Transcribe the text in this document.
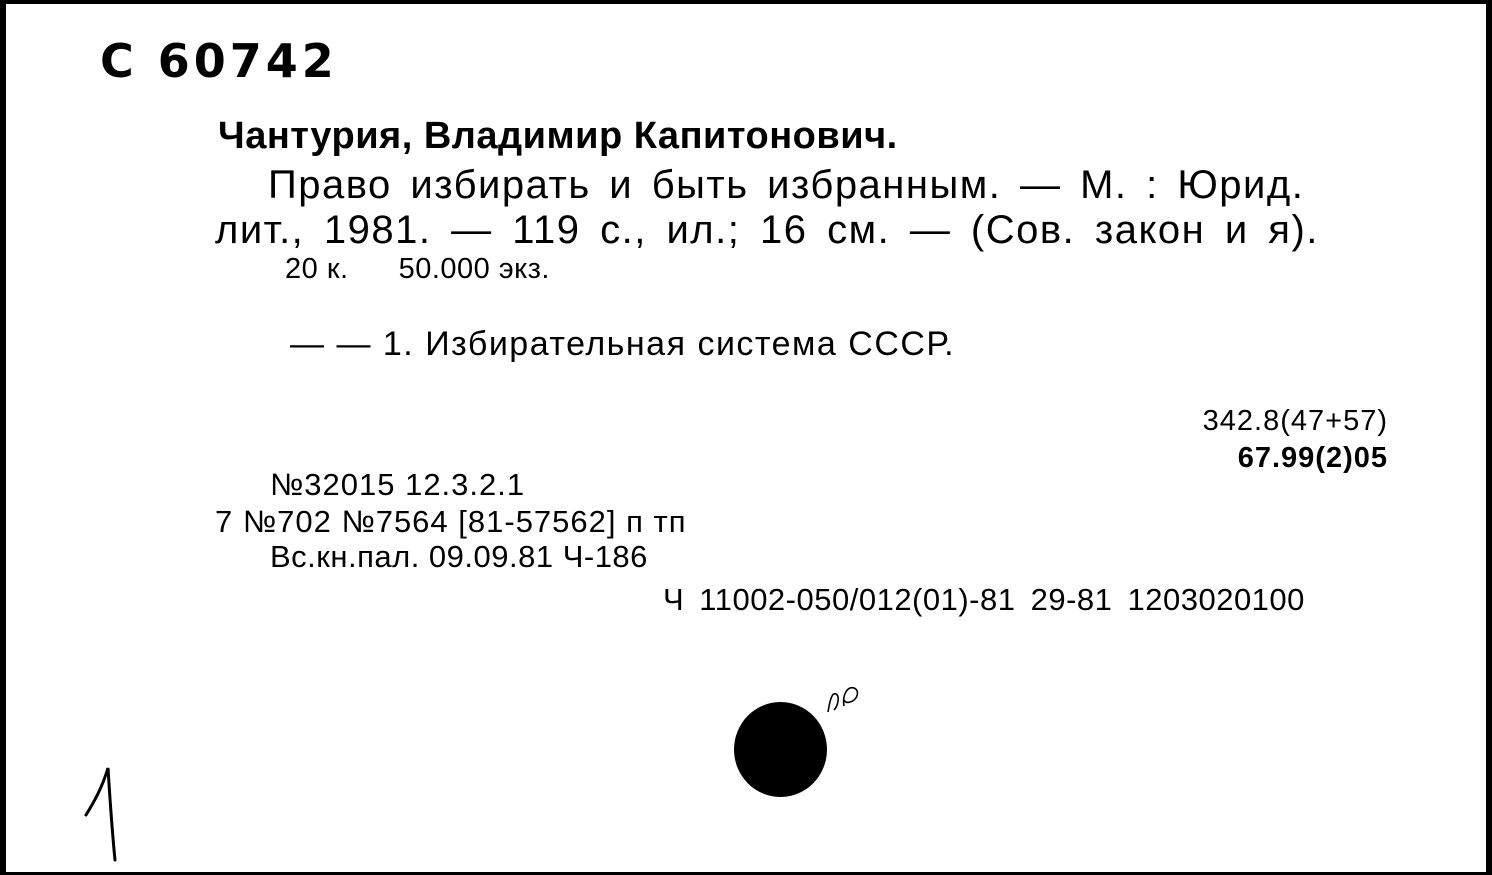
С 60742
Чантурия, Владимир Капитонович.
Право избирать и быть избранным. — М. : Юрид.
лит., 1981. — 119 с., ил.; 16 см. — (Сов. закон и я).
20 к. 50.000 экз.
— — 1. Избирательная система СССР.
342.8(47+57)
67.99(2)05
№32015 12.3.2.1
7 №702 №7564 [81-57562] п тп
Вс.кн.пал. 09.09.81 Ч-186
Ч 11002-050/012(01)-81 29-81 1203020100
